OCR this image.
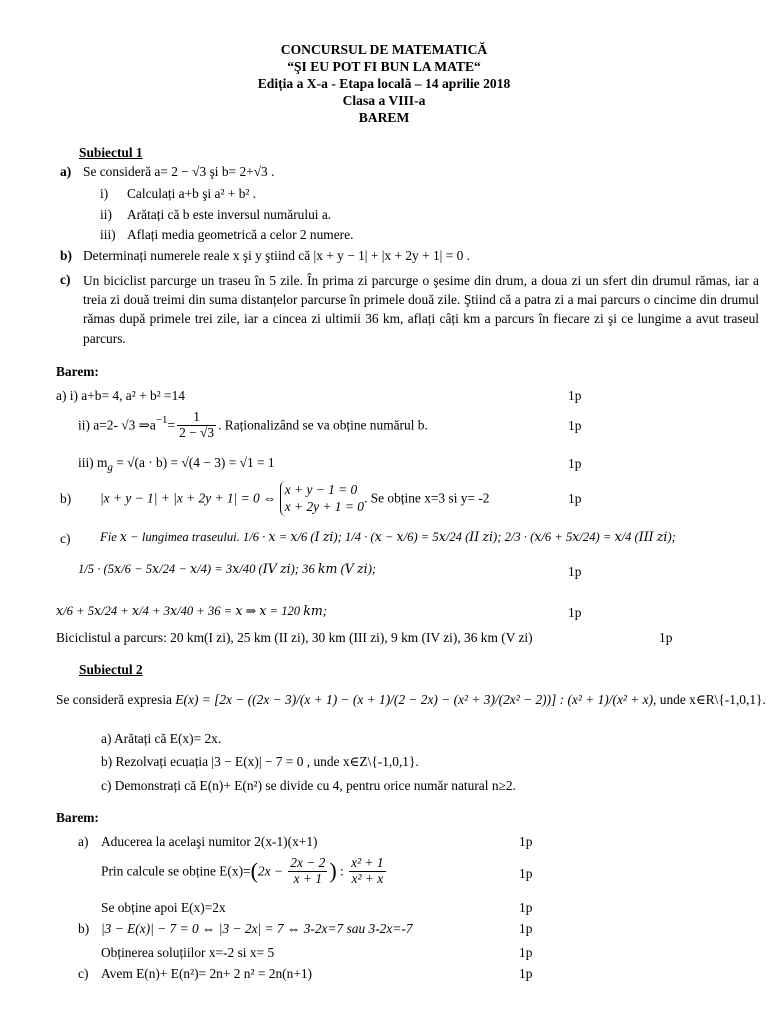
CONCURSUL DE MATEMATICĂ
“ŞI EU POT FI BUN LA MATE“
Ediția a X-a - Etapa locală – 14 aprilie 2018
Clasa a VIII-a
BAREM
Subiectul 1
a) Se consideră a= 2 − √3 şi b= 2+√3 .
i) Calculați a+b şi a² + b² .
ii) Arătați că b este inversul numărului a.
iii) Aflați media geometrică a celor 2 numere.
b) Determinați numerele reale x şi y ştiind că |x + y − 1| + |x + 2y + 1| = 0 .
c) Un biciclist parcurge un traseu în 5 zile. În prima zi parcurge o şesime din drum, a doua zi un sfert din drumul rămas, iar a treia zi două treimi din suma distanțelor parcurse în primele două zile. Ştiind că a patra zi a mai parcurs o cincime din drumul rămas după primele trei zile, iar a cincea zi ultimii 36 km, aflați câți km a parcurs în fiecare zi şi ce lungime a avut traseul parcurs.
Barem:
a) i) a+b= 4, a² + b² =14	1p
ii) a=2- √3 $\Rightarrow a^{-1}= \frac{1}{2 - √3}$ . Raționalizând se va obține numărul b.	1p
iii) $m_g = √(a \cdot b) = √(4 - 3) = √1 = 1$	1p
b) |x + y − 1| + |x + 2y + 1| = 0 ⇔
x + y − 1 = 0
x + 2y + 1 = 0
. Se obține x=3 si y= -2	1p
c) Fie 𝑥 − lungimea traseului. 1/6 · 𝑥 = 𝑥/6 (𝐼 𝑧𝑖); 1/4 · (𝑥 − 𝑥/6) = 5𝑥/24 (𝐼𝐼 𝑧𝑖); 2/3 · (𝑥/6 + 5𝑥/24) = 𝑥/4 (𝐼𝐼𝐼 𝑧𝑖);
1/5 · (5𝑥/6 − 5𝑥/24 − 𝑥/4) = 3𝑥/40 (𝐼𝑉 𝑧𝑖); 36 𝑘𝑚 (𝑉 𝑧𝑖);	1p
𝑥/6 + 5𝑥/24 + 𝑥/4 + 3𝑥/40 + 36 = 𝑥 ⇒ 𝑥 = 120 𝑘𝑚;	1p
Biciclistul a parcurs: 20 km(I zi), 25 km (II zi), 30 km (III zi), 9 km (IV zi), 36 km (V zi)	1p
Subiectul 2
Se consideră expresia E(x) = [2x − ((2x − 3)/(x + 1) − (x + 1)/(2 − 2x) − (x² + 3)/(2x² − 2))] : (x² + 1)/(x² + x), unde x∈R\{-1,0,1}.
a) Arătați că E(x)= 2x.
b) Rezolvați ecuația |3 − E(x)| − 7 = 0 , unde x∈Z\{-1,0,1}.
c) Demonstrați că E(n)+ E(n²) se divide cu 4, pentru orice număr natural n≥2.
Barem:
a) Aducerea la acelaşi numitor 2(x-1)(x+1)	1p
Prin calcule se obține $E(x)=(2x - \frac{2x - 2}{x + 1}$ ) : $\frac{\text{x² + 1}}{\text{x² + x}}$	1p
Se obține apoi E(x)=2x	1p
b) |3 − E(x)| − 7 = 0 ⇔ |3 − 2x| = 7 ⇔ 3-2x=7 sau 3-2x=-7	1p
Obținerea soluțiilor x=-2 si x= 5	1p
c) Avem E(n)+ E(n²)= 2n+ 2 n² = 2n(n+1)	1p
